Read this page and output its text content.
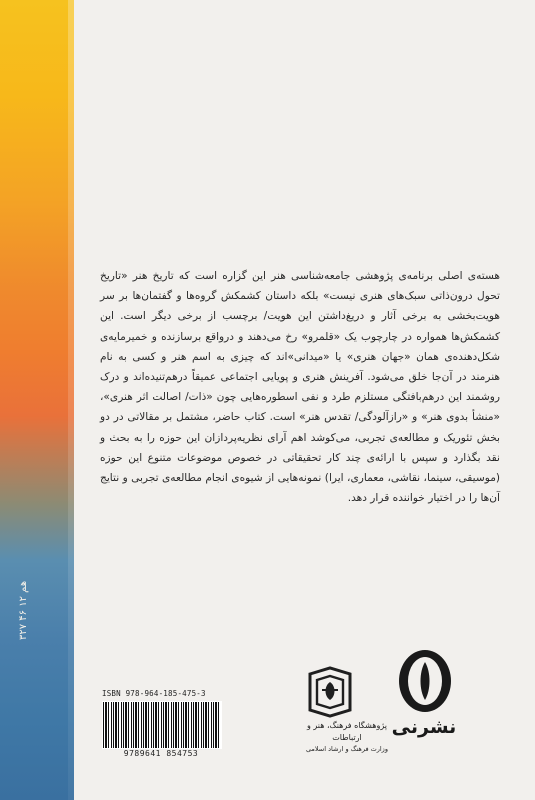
هم ۱۲ ۴۶ ۳۲۷

هسته‌ی اصلی برنامه‌ی پژوهشی جامعه‌شناسی هنر این گزاره است که تاریخ هنر «تاریخ تحول درون‌ذاتی سبک‌های هنری نیست» بلکه داستان کشمکش گروه‌ها و گفتمان‌ها بر سر هویت‌بخشی به برخی آثار و دریغ‌داشتن این هویت/ برچسب از برخی دیگر است. این کشمکش‌ها همواره در چارچوب یک «قلمرو» رخ می‌دهند و درواقع برسازنده و خمیرمایه‌ی شکل‌دهنده‌ی همان «جهان هنری» یا «میدانی»اند که چیزی به اسم هنر و کسی به نام هنرمند در آن‌جا خلق می‌شود. آفرینش هنری و پویایی اجتماعی عمیقاً درهم‌تنیده‌اند و درک روشمند این درهم‌بافتگی مستلزم طرد و نفی اسطوره‌هایی چون «ذات/ اصالت اثر هنری»، «منشأ بدوی هنر» و «راز‌آلودگی/ تقدس هنر» است. کتاب حاضر، مشتمل بر مقالاتی در دو بخش تئوریک و مطالعه‌ی تجربی، می‌کوشد اهم آرای نظریه‌پردازان این حوزه را به بحث و نقد بگذارد و سپس با ارائه‌ی چند کار تحقیقاتی در خصوص موضوعات متنوع این حوزه (موسیقی، سینما، نقاشی، معماری، ایرا) نمونه‌هایی از شیوه‌ی انجام مطالعه‌ی تجربی و نتایج آن‌ها را در اختیار خواننده قرار دهد.

ISBN 978-964-185-475-3
9789641 854753
پژوهشگاه فرهنگ، هنر و ارتباطات
وزارت فرهنگ و ارشاد اسلامی
نشرنی
